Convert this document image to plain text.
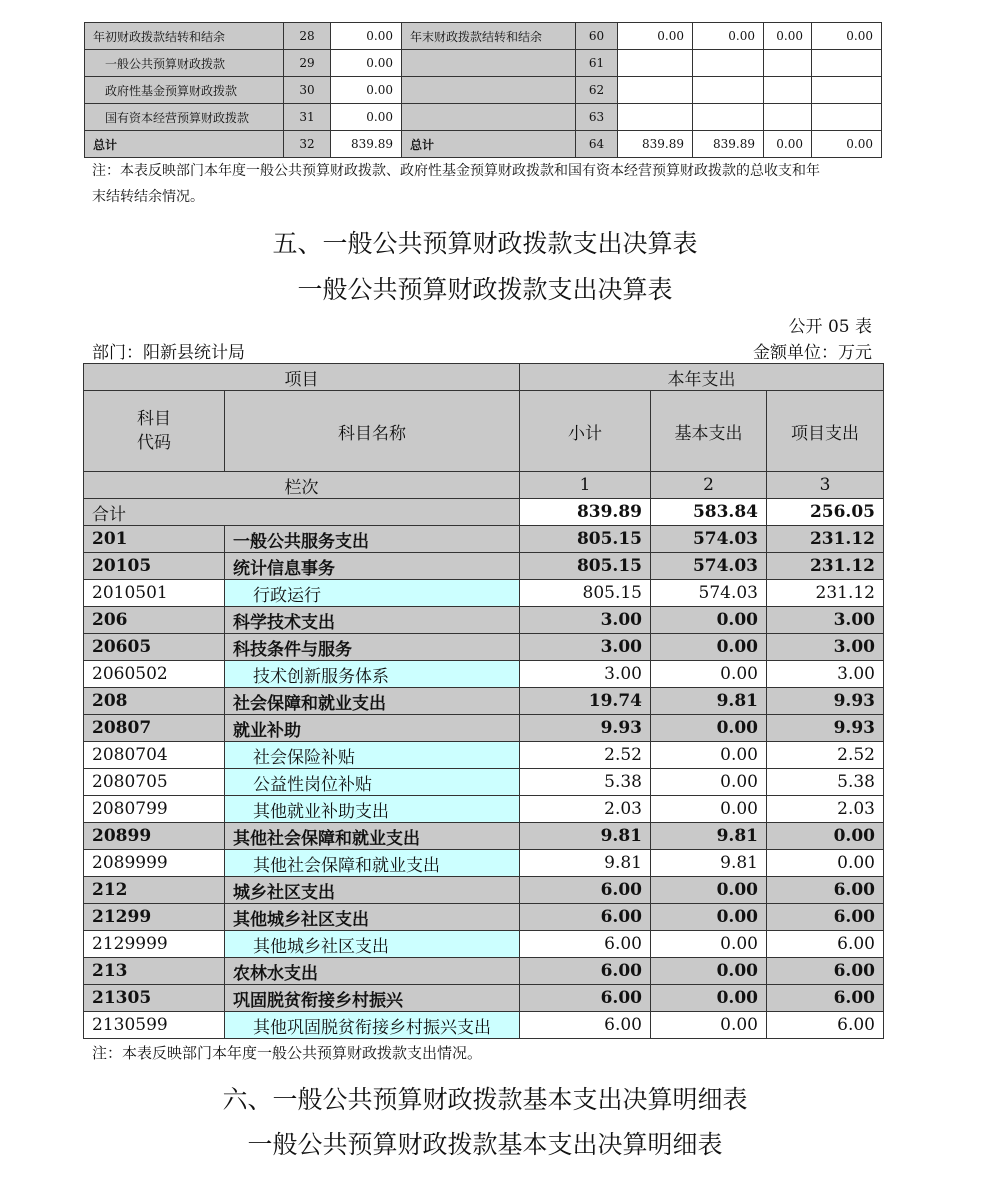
年初财政拨款结转和结余	28	0.00	年末财政拨款结转和结余	60	0.00	0.00	0.00	0.00
一般公共预算财政拨款	29	0.00		61				
政府性基金预算财政拨款	30	0.00		62				
国有资本经营预算财政拨款	31	0.00		63				
总计	32	839.89	总计	64	839.89	839.89	0.00	0.00
注：本表反映部门本年度一般公共预算财政拨款、政府性基金预算财政拨款和国有资本经营预算财政拨款的总收支和年末结转结余情况。
五、一般公共预算财政拨款支出决算表
一般公共预算财政拨款支出决算表
公开 05 表
部门：阳新县统计局	金额单位：万元
项目		本年支出		
科目
代码	科目名称	小计	基本支出	项目支出
栏次		1	2	3
合计		839.89	583.84	256.05
201	一般公共服务支出	805.15	574.03	231.12
20105	统计信息事务	805.15	574.03	231.12
2010501	行政运行	805.15	574.03	231.12
206	科学技术支出	3.00	0.00	3.00
20605	科技条件与服务	3.00	0.00	3.00
2060502	技术创新服务体系	3.00	0.00	3.00
208	社会保障和就业支出	19.74	9.81	9.93
20807	就业补助	9.93	0.00	9.93
2080704	社会保险补贴	2.52	0.00	2.52
2080705	公益性岗位补贴	5.38	0.00	5.38
2080799	其他就业补助支出	2.03	0.00	2.03
20899	其他社会保障和就业支出	9.81	9.81	0.00
2089999	其他社会保障和就业支出	9.81	9.81	0.00
212	城乡社区支出	6.00	0.00	6.00
21299	其他城乡社区支出	6.00	0.00	6.00
2129999	其他城乡社区支出	6.00	0.00	6.00
213	农林水支出	6.00	0.00	6.00
21305	巩固脱贫衔接乡村振兴	6.00	0.00	6.00
2130599	其他巩固脱贫衔接乡村振兴支出	6.00	0.00	6.00
注：本表反映部门本年度一般公共预算财政拨款支出情况。
六、一般公共预算财政拨款基本支出决算明细表
一般公共预算财政拨款基本支出决算明细表
